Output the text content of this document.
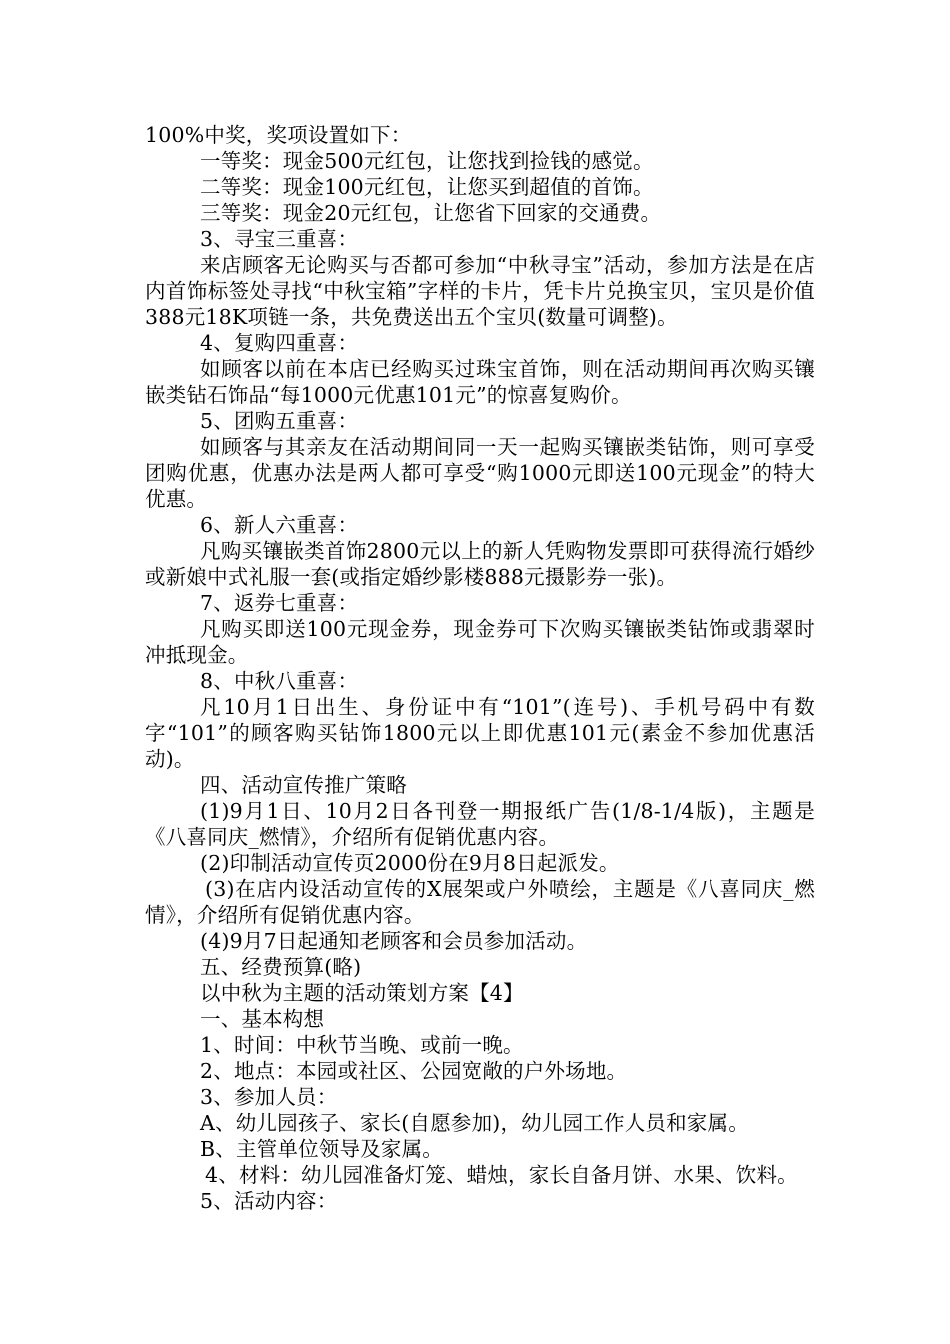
100%中奖，奖项设置如下：

一等奖：现金500元红包，让您找到捡钱的感觉。

二等奖：现金100元红包，让您买到超值的首饰。

三等奖：现金20元红包，让您省下回家的交通费。

3、寻宝三重喜：

来店顾客无论购买与否都可参加“中秋寻宝”活动，参加方法是在店内首饰标签处寻找“中秋宝箱”字样的卡片，凭卡片兑换宝贝，宝贝是价值388元18K项链一条，共免费送出五个宝贝(数量可调整)。

4、复购四重喜：

如顾客以前在本店已经购买过珠宝首饰，则在活动期间再次购买镶嵌类钻石饰品“每1000元优惠101元”的惊喜复购价。

5、团购五重喜：

如顾客与其亲友在活动期间同一天一起购买镶嵌类钻饰，则可享受团购优惠，优惠办法是两人都可享受“购1000元即送100元现金”的特大优惠。

6、新人六重喜：

凡购买镶嵌类首饰2800元以上的新人凭购物发票即可获得流行婚纱或新娘中式礼服一套(或指定婚纱影楼888元摄影券一张)。

7、返券七重喜：

凡购买即送100元现金券，现金券可下次购买镶嵌类钻饰或翡翠时冲抵现金。

8、中秋八重喜：

凡10月1日出生、身份证中有“101”(连号)、手机号码中有数字“101”的顾客购买钻饰1800元以上即优惠101元(素金不参加优惠活动)。

四、活动宣传推广策略

(1)9月1日、10月2日各刊登一期报纸广告(1/8-1/4版)，主题是《八喜同庆_燃情》，介绍所有促销优惠内容。

(2)印制活动宣传页2000份在9月8日起派发。

(3)在店内设活动宣传的X展架或户外喷绘，主题是《八喜同庆_燃情》，介绍所有促销优惠内容。

(4)9月7日起通知老顾客和会员参加活动。

五、经费预算(略)

以中秋为主题的活动策划方案【4】

一、基本构想

1、时间：中秋节当晚、或前一晚。

2、地点：本园或社区、公园宽敞的户外场地。

3、参加人员：

A、幼儿园孩子、家长(自愿参加)，幼儿园工作人员和家属。

B、主管单位领导及家属。

4、材料：幼儿园准备灯笼、蜡烛，家长自备月饼、水果、饮料。

5、活动内容：
